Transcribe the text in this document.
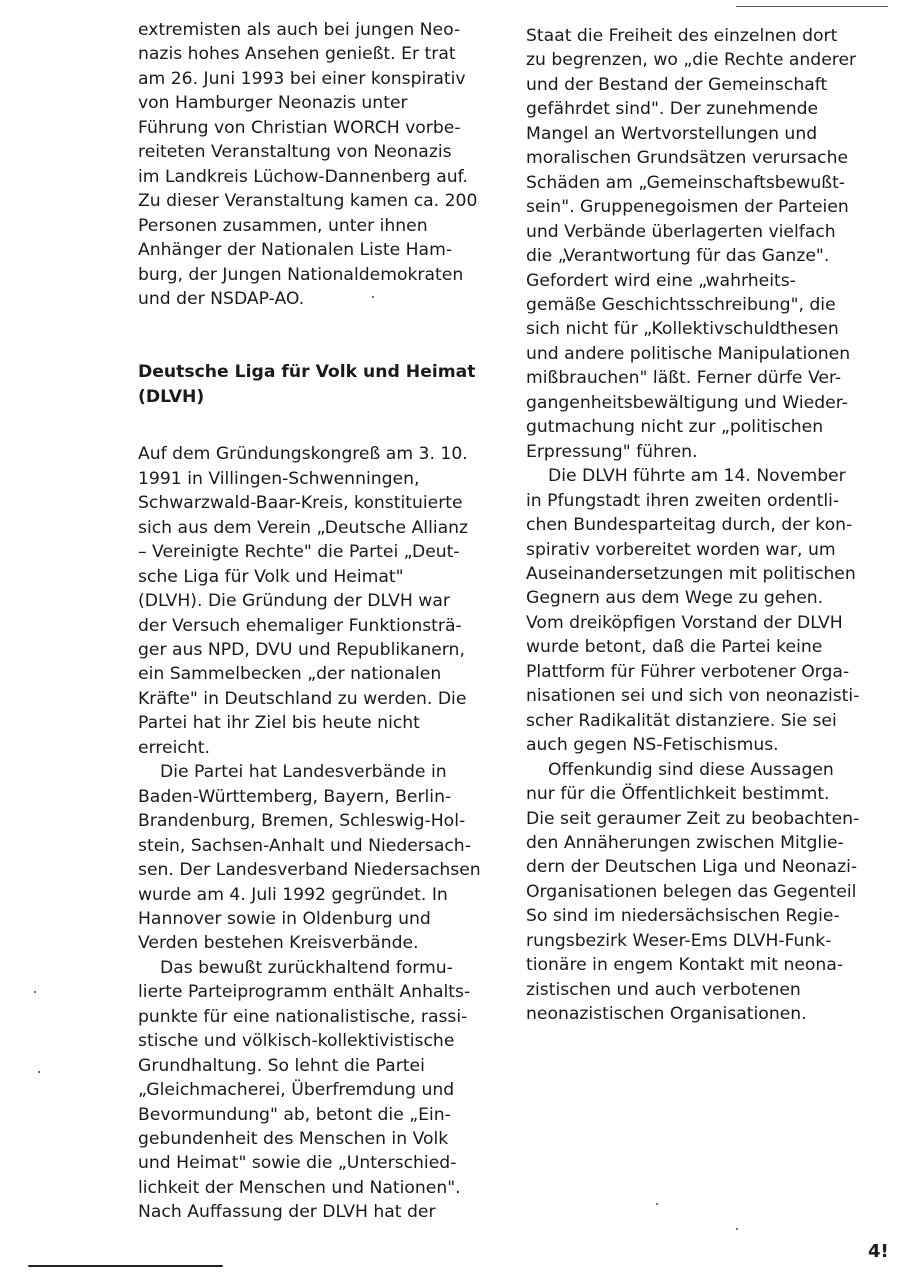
extremisten als auch bei jungen Neo-
nazis hohes Ansehen genießt. Er trat
am 26. Juni 1993 bei einer konspirativ
von Hamburger Neonazis unter
Führung von Christian WORCH vorbe-
reiteten Veranstaltung von Neonazis
im Landkreis Lüchow-Dannenberg auf.
Zu dieser Veranstaltung kamen ca. 200
Personen zusammen, unter ihnen
Anhänger der Nationalen Liste Ham-
burg, der Jungen Nationaldemokraten
und der NSDAP-AO.
Deutsche Liga für Volk und Heimat
(DLVH)
Auf dem Gründungskongreß am 3. 10.
1991 in Villingen-Schwenningen,
Schwarzwald-Baar-Kreis, konstituierte
sich aus dem Verein „Deutsche Allianz
– Vereinigte Rechte" die Partei „Deut-
sche Liga für Volk und Heimat"
(DLVH). Die Gründung der DLVH war
der Versuch ehemaliger Funktionsträ-
ger aus NPD, DVU und Republikanern,
ein Sammelbecken „der nationalen
Kräfte" in Deutschland zu werden. Die
Partei hat ihr Ziel bis heute nicht
erreicht.
Die Partei hat Landesverbände in
Baden-Württemberg, Bayern, Berlin-
Brandenburg, Bremen, Schleswig-Hol-
stein, Sachsen-Anhalt und Niedersach-
sen. Der Landesverband Niedersachsen
wurde am 4. Juli 1992 gegründet. In
Hannover sowie in Oldenburg und
Verden bestehen Kreisverbände.
Das bewußt zurückhaltend formu-
lierte Parteiprogramm enthält Anhalts-
punkte für eine nationalistische, rassi-
stische und völkisch-kollektivistische
Grundhaltung. So lehnt die Partei
„Gleichmacherei, Überfremdung und
Bevormundung" ab, betont die „Ein-
gebundenheit des Menschen in Volk
und Heimat" sowie die „Unterschied-
lichkeit der Menschen und Nationen".
Nach Auffassung der DLVH hat der
Staat die Freiheit des einzelnen dort
zu begrenzen, wo „die Rechte anderer
und der Bestand der Gemeinschaft
gefährdet sind". Der zunehmende
Mangel an Wertvorstellungen und
moralischen Grundsätzen verursache
Schäden am „Gemeinschaftsbewußt-
sein". Gruppenegoismen der Parteien
und Verbände überlagerten vielfach
die „Verantwortung für das Ganze".
Gefordert wird eine „wahrheits-
gemäße Geschichtsschreibung", die
sich nicht für „Kollektivschuldthesen
und andere politische Manipulationen
mißbrauchen" läßt. Ferner dürfe Ver-
gangenheitsbewältigung und Wieder-
gutmachung nicht zur „politischen
Erpressung" führen.
Die DLVH führte am 14. November
in Pfungstadt ihren zweiten ordentli-
chen Bundesparteitag durch, der kon-
spirativ vorbereitet worden war, um
Auseinandersetzungen mit politischen
Gegnern aus dem Wege zu gehen.
Vom dreiköpfigen Vorstand der DLVH
wurde betont, daß die Partei keine
Plattform für Führer verbotener Orga-
nisationen sei und sich von neonazisti-
scher Radikalität distanziere. Sie sei
auch gegen NS-Fetischismus.
Offenkundig sind diese Aussagen
nur für die Öffentlichkeit bestimmt.
Die seit geraumer Zeit zu beobachten-
den Annäherungen zwischen Mitglie-
dern der Deutschen Liga und Neonazi-
Organisationen belegen das Gegenteil
So sind im niedersächsischen Regie-
rungsbezirk Weser-Ems DLVH-Funk-
tionäre in engem Kontakt mit neona-
zistischen und auch verbotenen
neonazistischen Organisationen.
4!
